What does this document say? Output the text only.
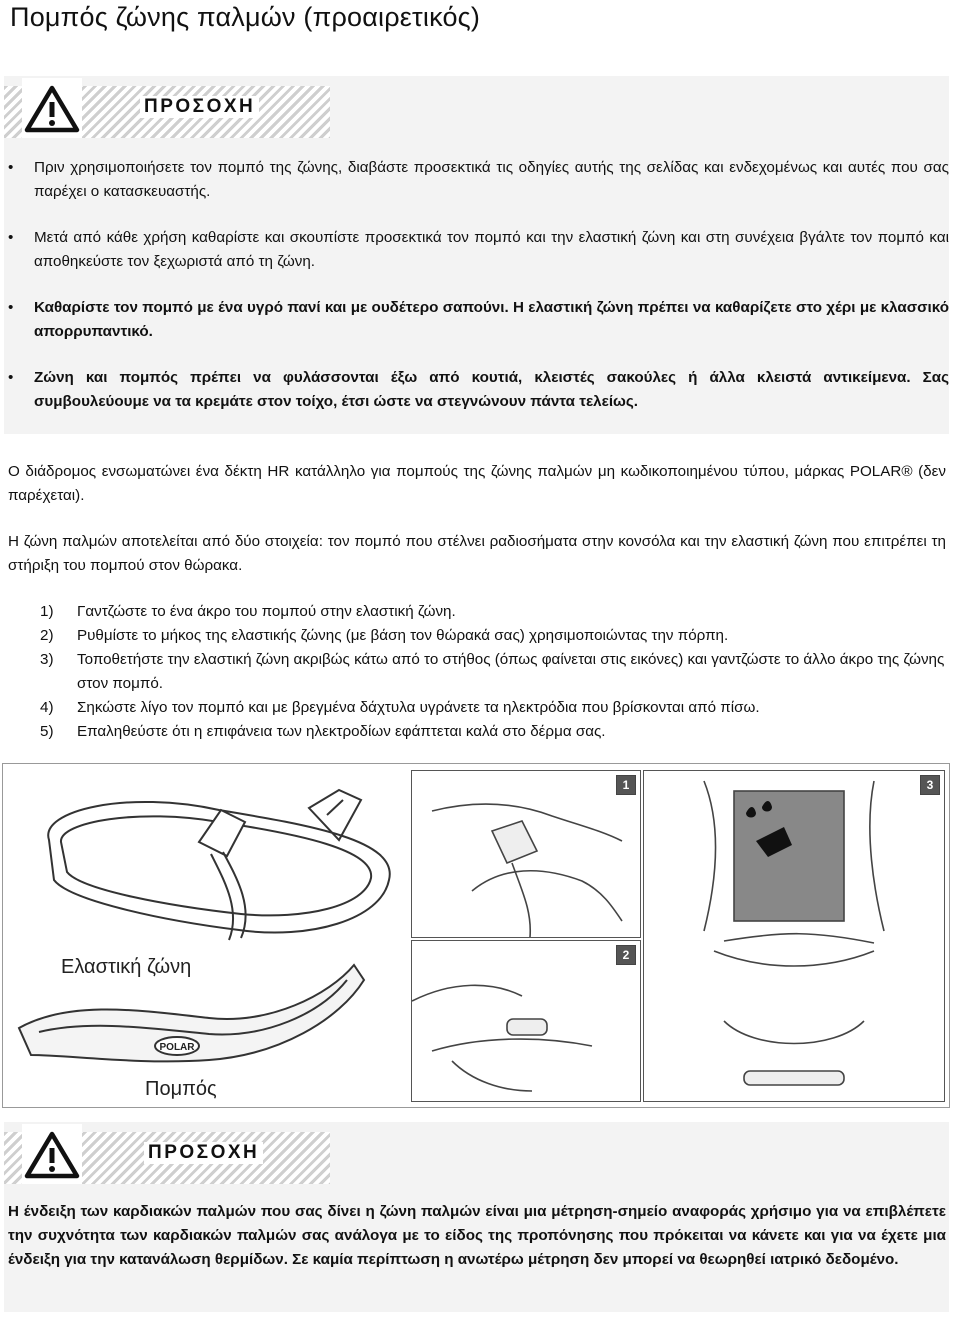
Πομπός ζώνης παλμών (προαιρετικός)
ΠΡΟΣΟΧΗ
• Πριν χρησιμοποιήσετε τον πομπό της ζώνης, διαβάστε προσεκτικά τις οδηγίες αυτής της σελίδας και ενδεχομένως και αυτές που σας παρέχει ο κατασκευαστής.
• Μετά από κάθε χρήση καθαρίστε και σκουπίστε προσεκτικά τον πομπό και την ελαστική ζώνη και στη συνέχεια βγάλτε τον πομπό και αποθηκεύστε τον ξεχωριστά από τη ζώνη.
• Καθαρίστε τον πομπό με ένα υγρό πανί και με ουδέτερο σαπούνι. Η ελαστική ζώνη πρέπει να καθαρίζετε στο χέρι με κλασσικό απορρυπαντικό.
• Ζώνη και πομπός πρέπει να φυλάσσονται έξω από κουτιά, κλειστές σακούλες ή άλλα κλειστά αντικείμενα. Σας συμβουλεύουμε να τα κρεμάτε στον τοίχο, έτσι ώστε να στεγνώνουν πάντα τελείως.

Ο διάδρομος ενσωματώνει ένα δέκτη HR κατάλληλο για πομπούς της ζώνης παλμών μη κωδικοποιημένου τύπου, μάρκας POLAR® (δεν παρέχεται).

Η ζώνη παλμών αποτελείται από δύο στοιχεία: τον πομπό που στέλνει ραδιοσήματα στην κονσόλα και την ελαστική ζώνη που επιτρέπει τη στήριξη του πομπού στον θώρακα.

1)	Γαντζώστε το ένα άκρο του πομπού στην ελαστική ζώνη.
2)	Ρυθμίστε το μήκος της ελαστικής ζώνης (με βάση τον θώρακά σας) χρησιμοποιώντας την πόρπη.
3)	Τοποθετήστε την ελαστική ζώνη ακριβώς κάτω από το στήθος (όπως φαίνεται στις εικόνες) και γαντζώστε το άλλο άκρο της ζώνης στον πομπό.
4)	Σηκώστε λίγο τον πομπό και με βρεγμένα δάχτυλα υγράνετε τα ηλεκτρόδια που βρίσκονται από πίσω.
5)	Επαληθεύστε ότι η επιφάνεια των ηλεκτροδίων εφάπτεται καλά στο δέρμα σας.
POLAR
Ελαστική ζώνη
Πομπός
1
2
3
ΠΡΟΣΟΧΗ

Η ένδειξη των καρδιακών παλμών που σας δίνει η ζώνη παλμών είναι μια μέτρηση-σημείο αναφοράς χρήσιμο για να επιβλέπετε την συχνότητα των καρδιακών παλμών σας ανάλογα με το είδος της προπόνησης που πρόκειται να κάνετε και για να έχετε μια ένδειξη για την κατανάλωση θερμίδων. Σε καμία περίπτωση η ανωτέρω μέτρηση δεν μπορεί να θεωρηθεί ιατρικό δεδομένο.
